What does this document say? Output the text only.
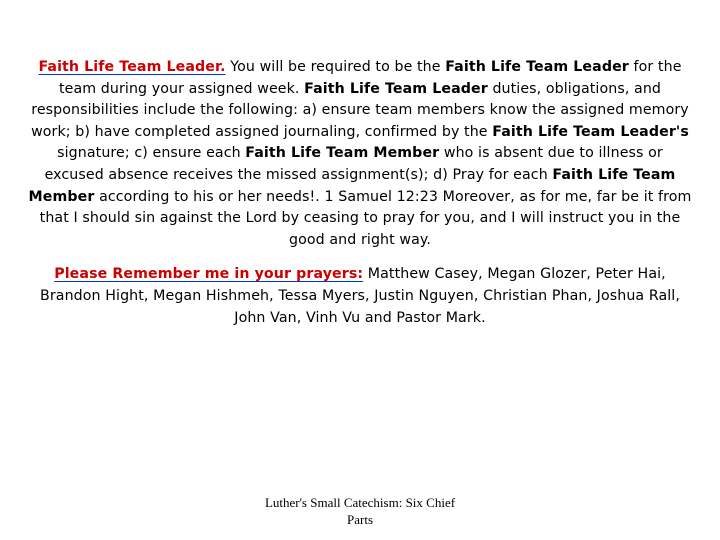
Faith Life Team Leader. You will be required to be the Faith Life Team Leader for the team during your assigned week. Faith Life Team Leader duties, obligations, and responsibilities include the following: a) ensure team members know the assigned memory work; b) have completed assigned journaling, confirmed by the Faith Life Team Leader's signature; c) ensure each Faith Life Team Member who is absent due to illness or excused absence receives the missed assignment(s); d) Pray for each Faith Life Team Member according to his or her needs!. 1 Samuel 12:23 Moreover, as for me, far be it from that I should sin against the Lord by ceasing to pray for you, and I will instruct you in the good and right way.

Please Remember me in your prayers: Matthew Casey, Megan Glozer, Peter Hai, Brandon Hight, Megan Hishmeh, Tessa Myers, Justin Nguyen, Christian Phan, Joshua Rall, John Van, Vinh Vu and Pastor Mark.

Luther's Small Catechism: Six Chief
Parts
